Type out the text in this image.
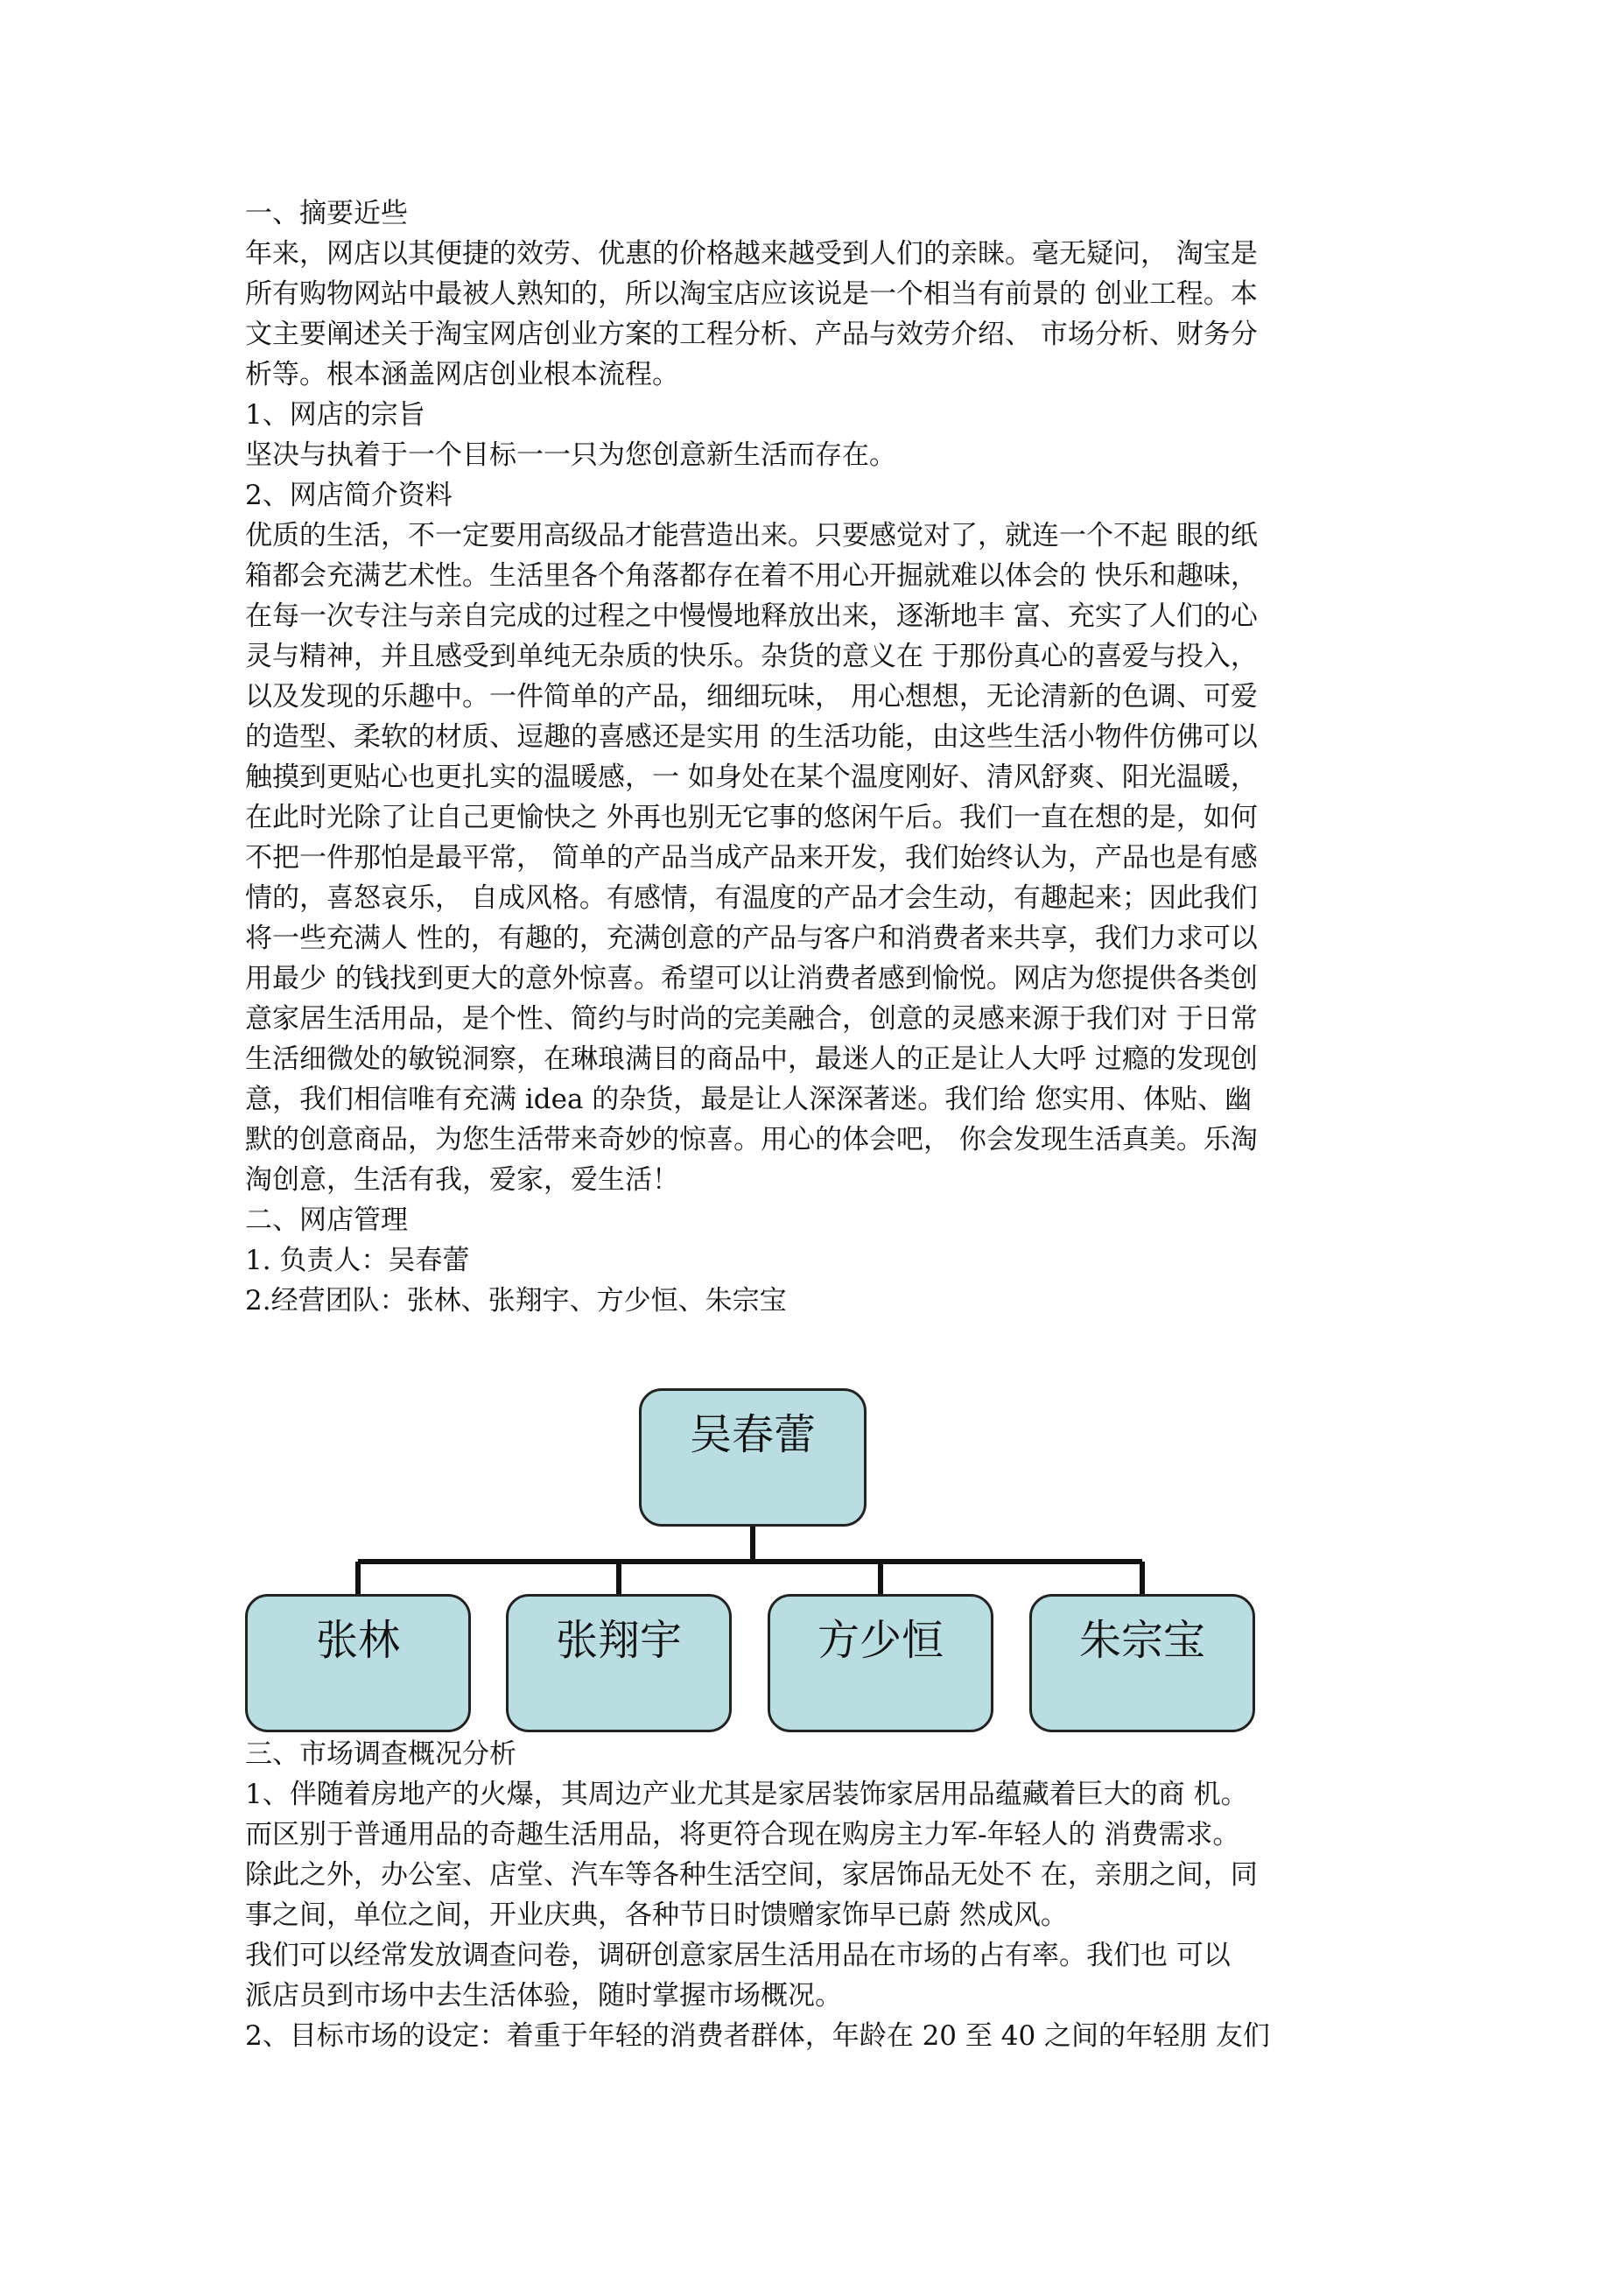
一、摘要近些
年来，网店以其便捷的效劳、优惠的价格越来越受到人们的亲睐。毫无疑问， 淘宝是
所有购物网站中最被人熟知的，所以淘宝店应该说是一个相当有前景的 创业工程。本
文主要阐述关于淘宝网店创业方案的工程分析、产品与效劳介绍、 市场分析、财务分
析等。根本涵盖网店创业根本流程。
1、网店的宗旨
坚决与执着于一个目标一一只为您创意新生活而存在。
2、网店简介资料
优质的生活，不一定要用高级品才能营造出来。只要感觉对了，就连一个不起 眼的纸
箱都会充满艺术性。生活里各个角落都存在着不用心开掘就难以体会的 快乐和趣味，
在每一次专注与亲自完成的过程之中慢慢地释放出来，逐渐地丰 富、充实了人们的心
灵与精神，并且感受到单纯无杂质的快乐。杂货的意义在 于那份真心的喜爱与投入，
以及发现的乐趣中。一件简单的产品，细细玩味， 用心想想，无论清新的色调、可爱
的造型、柔软的材质、逗趣的喜感还是实用 的生活功能，由这些生活小物件仿佛可以
触摸到更贴心也更扎实的温暖感，一 如身处在某个温度刚好、清风舒爽、阳光温暖，
在此时光除了让自己更愉快之 外再也别无它事的悠闲午后。我们一直在想的是，如何
不把一件那怕是最平常， 简单的产品当成产品来开发，我们始终认为，产品也是有感
情的，喜怒哀乐， 自成风格。有感情，有温度的产品才会生动，有趣起来；因此我们
将一些充满人 性的，有趣的，充满创意的产品与客户和消费者来共享，我们力求可以
用最少 的钱找到更大的意外惊喜。希望可以让消费者感到愉悦。网店为您提供各类创
意家居生活用品，是个性、简约与时尚的完美融合，创意的灵感来源于我们对 于日常
生活细微处的敏锐洞察，在琳琅满目的商品中，最迷人的正是让人大呼 过瘾的发现创
意，我们相信唯有充满 idea 的杂货，最是让人深深著迷。我们给 您实用、体贴、幽
默的创意商品，为您生活带来奇妙的惊喜。用心的体会吧， 你会发现生活真美。乐淘
淘创意，生活有我，爱家，爱生活！
二、网店管理
1. 负责人：吴春蕾
2.经营团队：张林、张翔宇、方少恒、朱宗宝
吴春蕾
张林	张翔宇	方少恒	朱宗宝
三、市场调查概况分析
1、伴随着房地产的火爆，其周边产业尤其是家居装饰家居用品蕴藏着巨大的商 机。
而区别于普通用品的奇趣生活用品，将更符合现在购房主力军-年轻人的 消费需求。
除此之外，办公室、店堂、汽车等各种生活空间，家居饰品无处不 在，亲朋之间，同
事之间，单位之间，开业庆典，各种节日时馈赠家饰早已蔚 然成风。
我们可以经常发放调查问卷，调研创意家居生活用品在市场的占有率。我们也 可以
派店员到市场中去生活体验，随时掌握市场概况。
2、目标市场的设定：着重于年轻的消费者群体，年龄在 20 至 40 之间的年轻朋 友们
